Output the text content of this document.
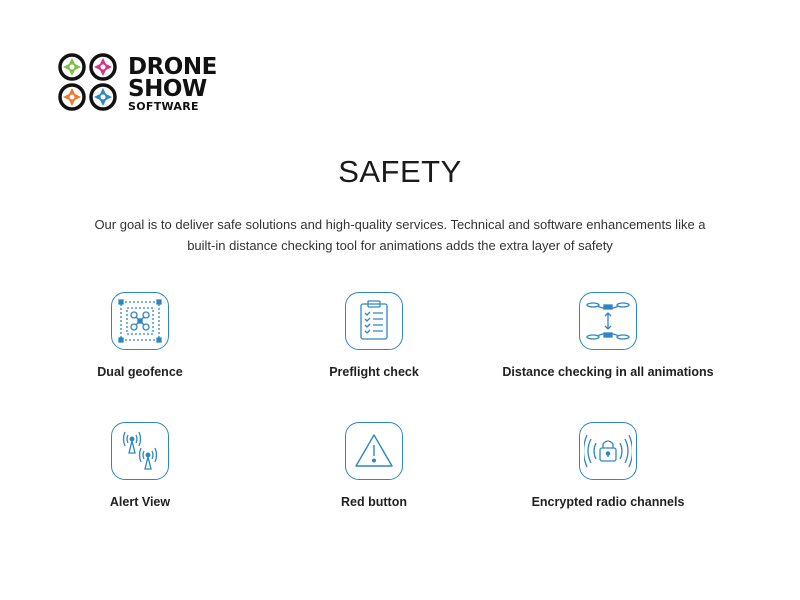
DRONE
SHOW
SOFTWARE
SAFETY

Our goal is to deliver safe solutions and high-quality services. Technical and software enhancements like a built-in distance checking tool for animations adds the extra layer of safety

Dual geofence	Preflight check	Distance checking in all animations
Alert View	Red button	Encrypted radio channels
